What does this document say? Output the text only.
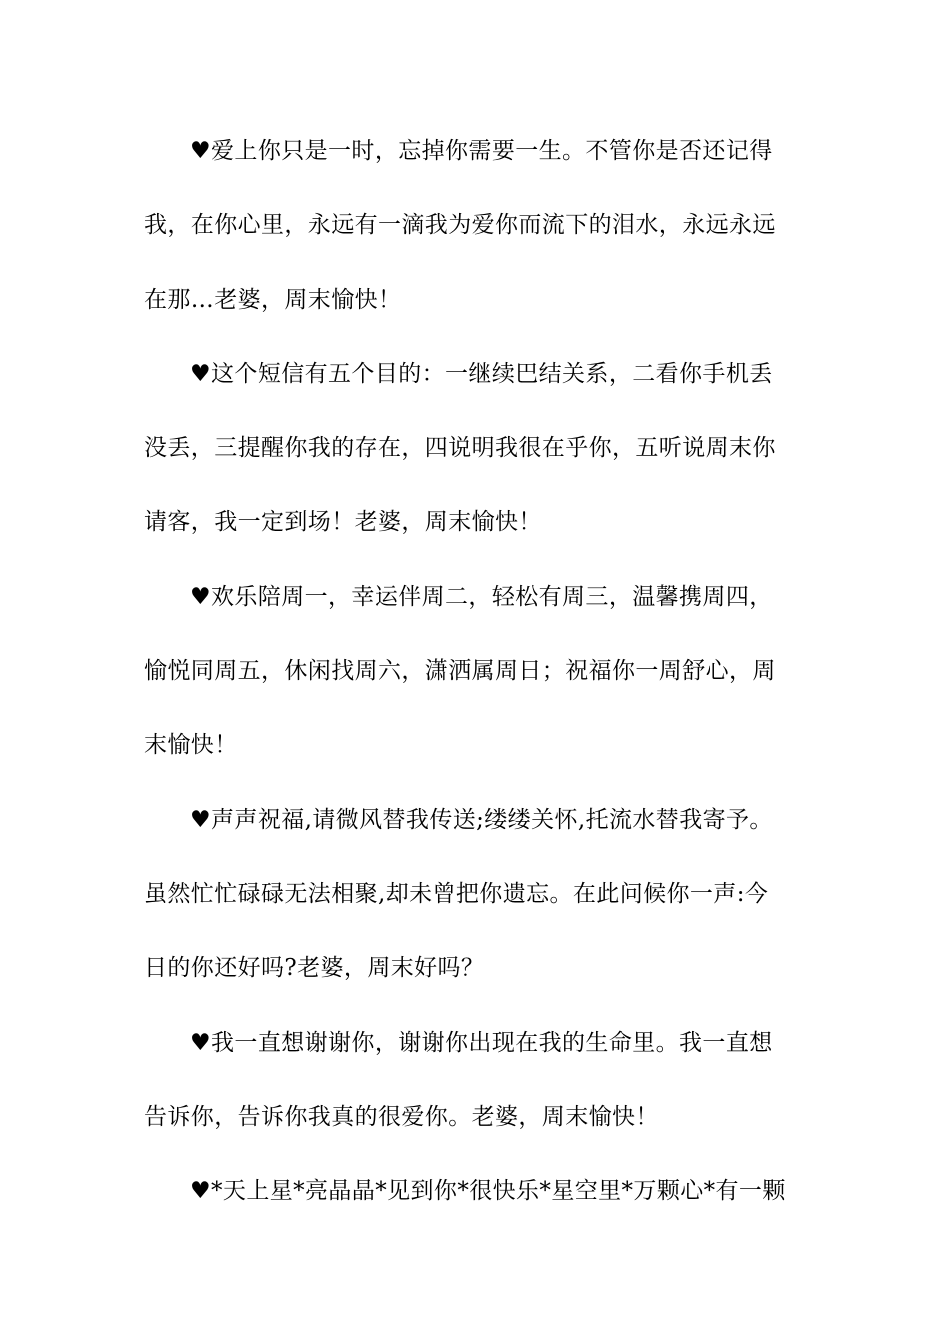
♥爱上你只是一时，忘掉你需要一生。不管你是否还记得
我，在你心里，永远有一滴我为爱你而流下的泪水，永远永远
在那…老婆，周末愉快！
♥这个短信有五个目的：一继续巴结关系，二看你手机丢
没丢，三提醒你我的存在，四说明我很在乎你，五听说周末你
请客，我一定到场！老婆，周末愉快！
♥欢乐陪周一，幸运伴周二，轻松有周三，温馨携周四，
愉悦同周五，休闲找周六，潇洒属周日；祝福你一周舒心，周
末愉快！
♥声声祝福,请微风替我传送;缕缕关怀,托流水替我寄予。
虽然忙忙碌碌无法相聚,却未曾把你遗忘。在此问候你一声:今
日的你还好吗?老婆，周末好吗？
♥我一直想谢谢你，谢谢你出现在我的生命里。我一直想
告诉你，告诉你我真的很爱你。老婆，周末愉快！
♥*天上星*亮晶晶*见到你*很快乐*星空里*万颗心*有一颗
